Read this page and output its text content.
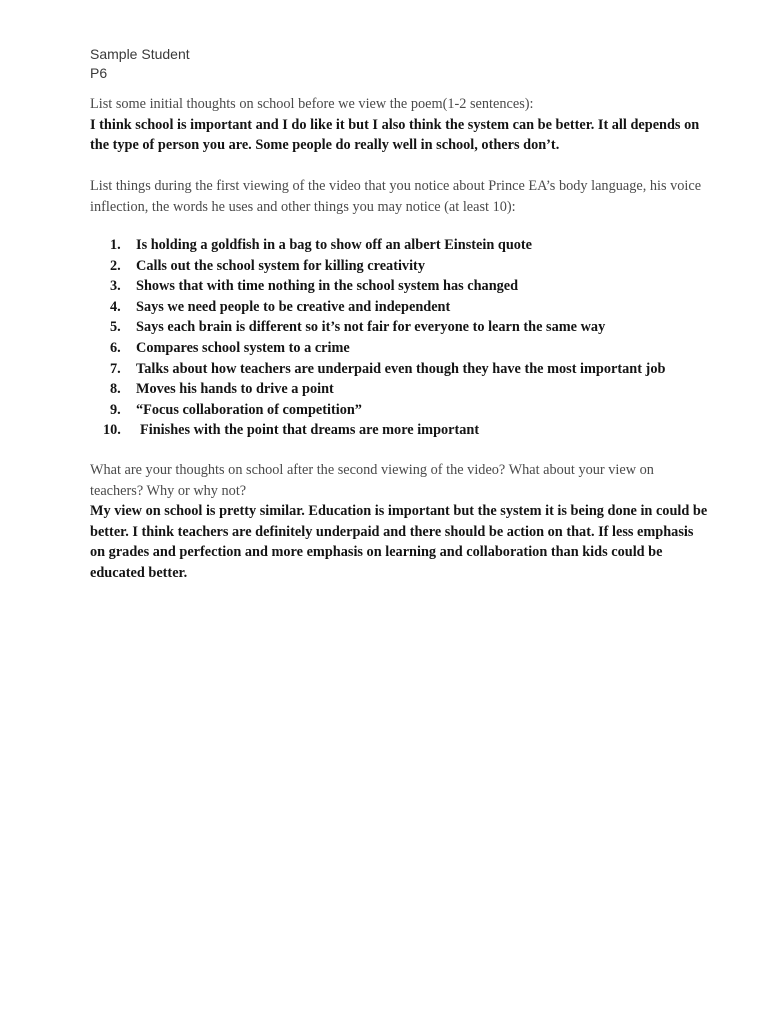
Sample Student
P6

List some initial thoughts on school before we view the poem(1-2 sentences):

I think school is important and I do like it but I also think the system can be better. It all depends on the type of person you are. Some people do really well in school, others don’t.

List things during the first viewing of the video that you notice about Prince EA’s body language, his voice inflection, the words he uses and other things you may notice (at least 10):

1. Is holding a goldfish in a bag to show off an albert Einstein quote
2. Calls out the school system for killing creativity
3. Shows that with time nothing in the school system has changed
4. Says we need people to be creative and independent
5. Says each brain is different so it’s not fair for everyone to learn the same way
6. Compares school system to a crime
7. Talks about how teachers are underpaid even though they have the most important job
8. Moves his hands to drive a point
9. “Focus collaboration of competition”
10. Finishes with the point that dreams are more important

What are your thoughts on school after the second viewing of the video? What about your view on teachers? Why or why not?

My view on school is pretty similar. Education is important but the system it is being done in could be better. I think teachers are definitely underpaid and there should be action on that. If less emphasis on grades and perfection and more emphasis on learning and collaboration than kids could be educated better.
